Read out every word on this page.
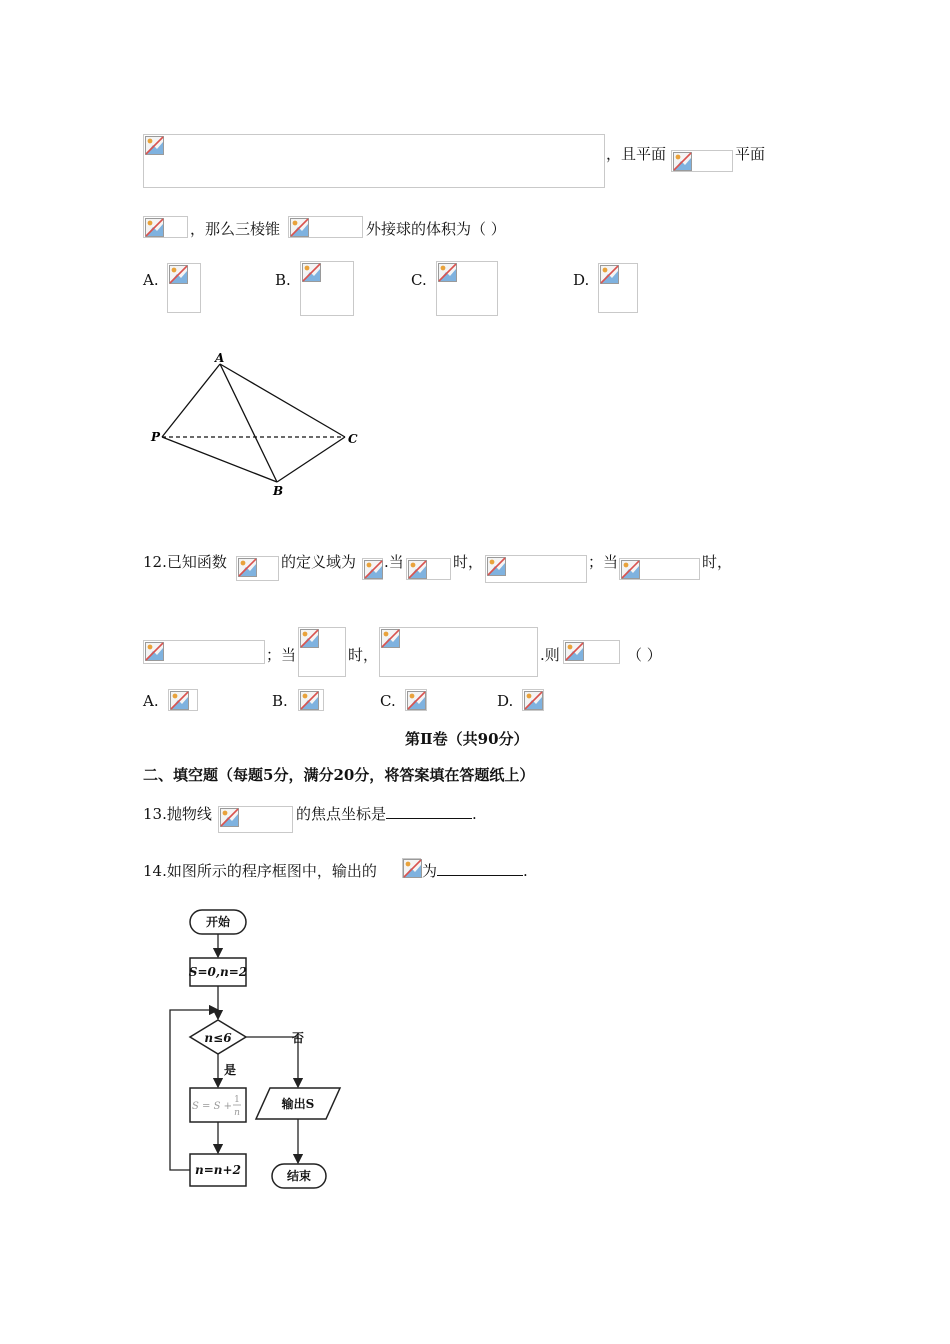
，且平面	平面
，那么三棱锥	外接球的体积为（ ）
A.	B.	C.	D.
A
P	C
B
12.已知函数	的定义域为 .当	时，	；当	时，
；当	时，	.则	（ ）
A.	B.	C.	D.
第Ⅱ卷（共90分）
二、填空题（每题5分，满分20分，将答案填在答题纸上）
13.抛物线	的焦点坐标是	.
14.如图所示的程序框图中，输出的	为	.
开始
S=0,n=2
n≤6
是
否
S = S +
1
n
n=n+2
输出S
结束
